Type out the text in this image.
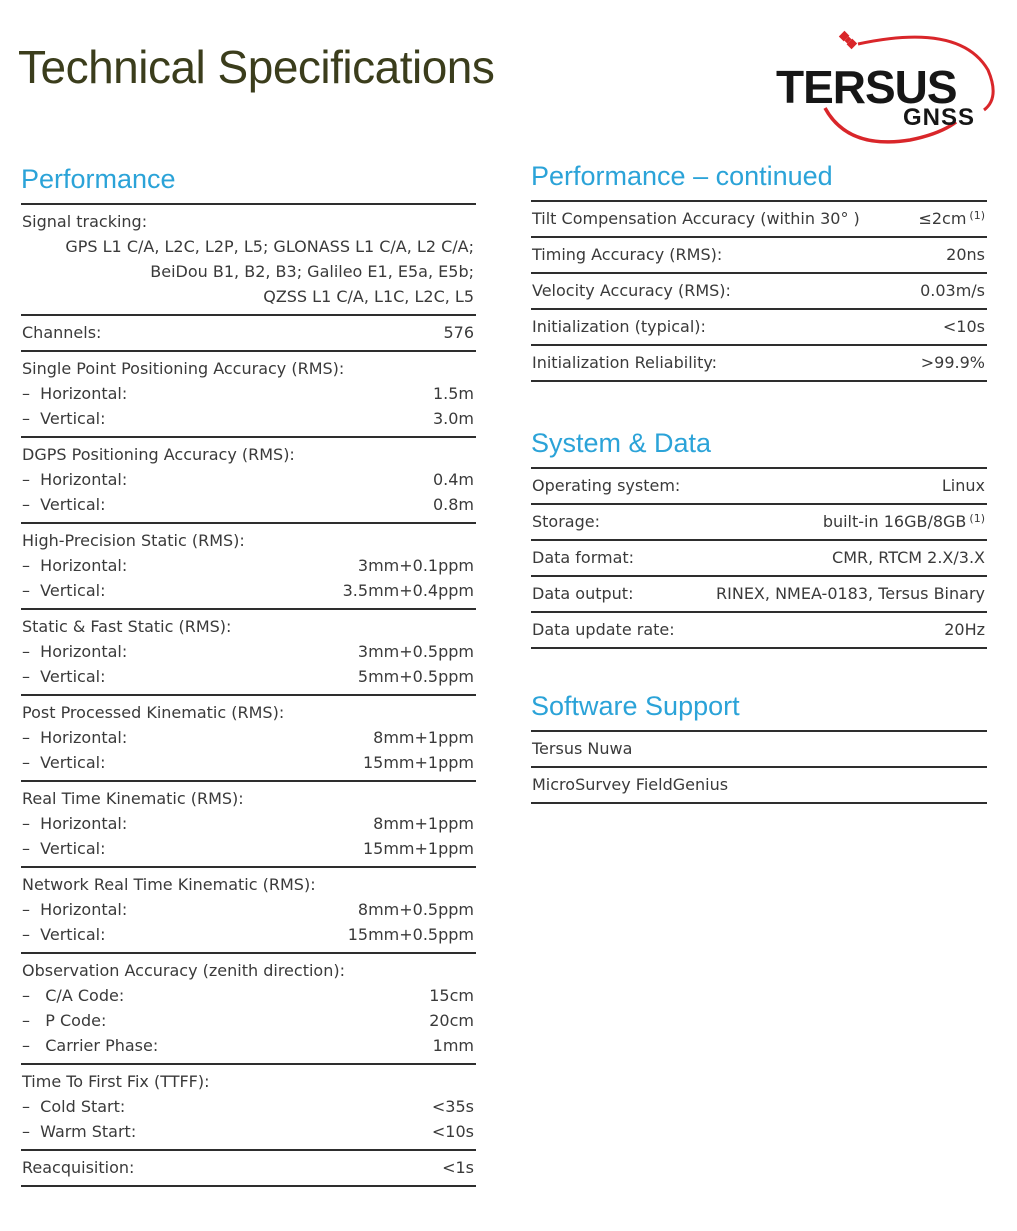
Technical Specifications	TERSUS
GNSS
Performance
Signal tracking:
GPS L1 C/A, L2C, L2P, L5; GLONASS L1 C/A, L2 C/A;
BeiDou B1, B2, B3; Galileo E1, E5a, E5b;
QZSS L1 C/A, L1C, L2C, L5
Channels:	576
Single Point Positioning Accuracy (RMS):
–  Horizontal:	1.5m
–  Vertical:	3.0m
DGPS Positioning Accuracy (RMS):
–  Horizontal:	0.4m
–  Vertical:	0.8m
High-Precision Static (RMS):
–  Horizontal:	3mm+0.1ppm
–  Vertical:	3.5mm+0.4ppm
Static & Fast Static (RMS):
–  Horizontal:	3mm+0.5ppm
–  Vertical:	5mm+0.5ppm
Post Processed Kinematic (RMS):
–  Horizontal:	8mm+1ppm
–  Vertical:	15mm+1ppm
Real Time Kinematic (RMS):
–  Horizontal:	8mm+1ppm
–  Vertical:	15mm+1ppm
Network Real Time Kinematic (RMS):
–  Horizontal:	8mm+0.5ppm
–  Vertical:	15mm+0.5ppm
Observation Accuracy (zenith direction):
–   C/A Code:	15cm
–   P Code:	20cm
–   Carrier Phase:	1mm
Time To First Fix (TTFF):
–  Cold Start:	<35s
–  Warm Start:	<10s
Reacquisition:	<1s
Performance – continued
Tilt Compensation Accuracy (within 30° )	≤2cm $^{(1)}$
Timing Accuracy (RMS):	20ns
Velocity Accuracy (RMS):	0.03m/s
Initialization (typical):	<10s
Initialization Reliability:	>99.9%
System & Data
Operating system:	Linux
Storage:	built-in 16GB/8GB $^{(1)}$
Data format:	CMR, RTCM 2.X/3.X
Data output:	RINEX, NMEA-0183, Tersus Binary
Data update rate:	20Hz
Software Support
Tersus Nuwa
MicroSurvey FieldGenius
